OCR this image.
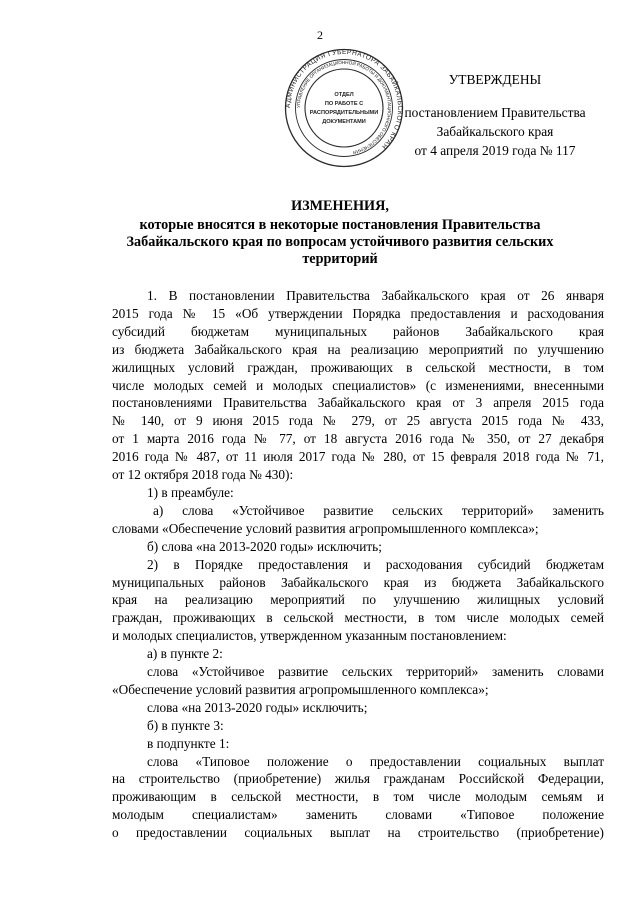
2
АДМИНИСТРАЦИЯ ГУБЕРНАТОРА ЗАБАЙКАЛЬСКОГО КРАЯ
УПРАВЛЕНИЕ ОРГАНИЗАЦИОННОЙ РАБОТЫ И ДОКУМЕНТАЦИОННОГО ОБЕСПЕЧЕНИЯ
ОТДЕЛ
ПО РАБОТЕ С
РАСПОРЯДИТЕЛЬНЫМИ
ДОКУМЕНТАМИ
УТВЕРЖДЕНЫ
постановлением Правительства
Забайкальского края
от 4 апреля 2019 года № 117
ИЗМЕНЕНИЯ,
которые вносятся в некоторые постановления Правительства
Забайкальского края по вопросам устойчивого развития сельских
территорий
1. В постановлении Правительства Забайкальского края от 26 января
2015 года № 15 «Об утверждении Порядка предоставления и расходования
субсидий бюджетам муниципальных районов Забайкальского края
из бюджета Забайкальского края на реализацию мероприятий по улучшению
жилищных условий граждан, проживающих в сельской местности, в том
числе молодых семей и молодых специалистов» (с изменениями, внесенными
постановлениями Правительства Забайкальского края от 3 апреля 2015 года
№ 140, от 9 июня 2015 года № 279, от 25 августа 2015 года № 433,
от 1 марта 2016 года № 77, от 18 августа 2016 года № 350, от 27 декабря
2016 года № 487, от 11 июля 2017 года № 280, от 15 февраля 2018 года № 71,
от 12 октября 2018 года № 430):
1) в преамбуле:
а) слова «Устойчивое развитие сельских территорий» заменить
словами «Обеспечение условий развития агропромышленного комплекса»;
б) слова «на 2013-2020 годы» исключить;
2) в Порядке предоставления и расходования субсидий бюджетам
муниципальных районов Забайкальского края из бюджета Забайкальского
края на реализацию мероприятий по улучшению жилищных условий
граждан, проживающих в сельской местности, в том числе молодых семей
и молодых специалистов, утвержденном указанным постановлением:
а) в пункте 2:
слова «Устойчивое развитие сельских территорий» заменить словами
«Обеспечение условий развития агропромышленного комплекса»;
слова «на 2013-2020 годы» исключить;
б) в пункте 3:
в подпункте 1:
слова «Типовое положение о предоставлении социальных выплат
на строительство (приобретение) жилья гражданам Российской Федерации,
проживающим в сельской местности, в том числе молодым семьям и
молодым специалистам» заменить словами «Типовое положение
о предоставлении социальных выплат на строительство (приобретение)
